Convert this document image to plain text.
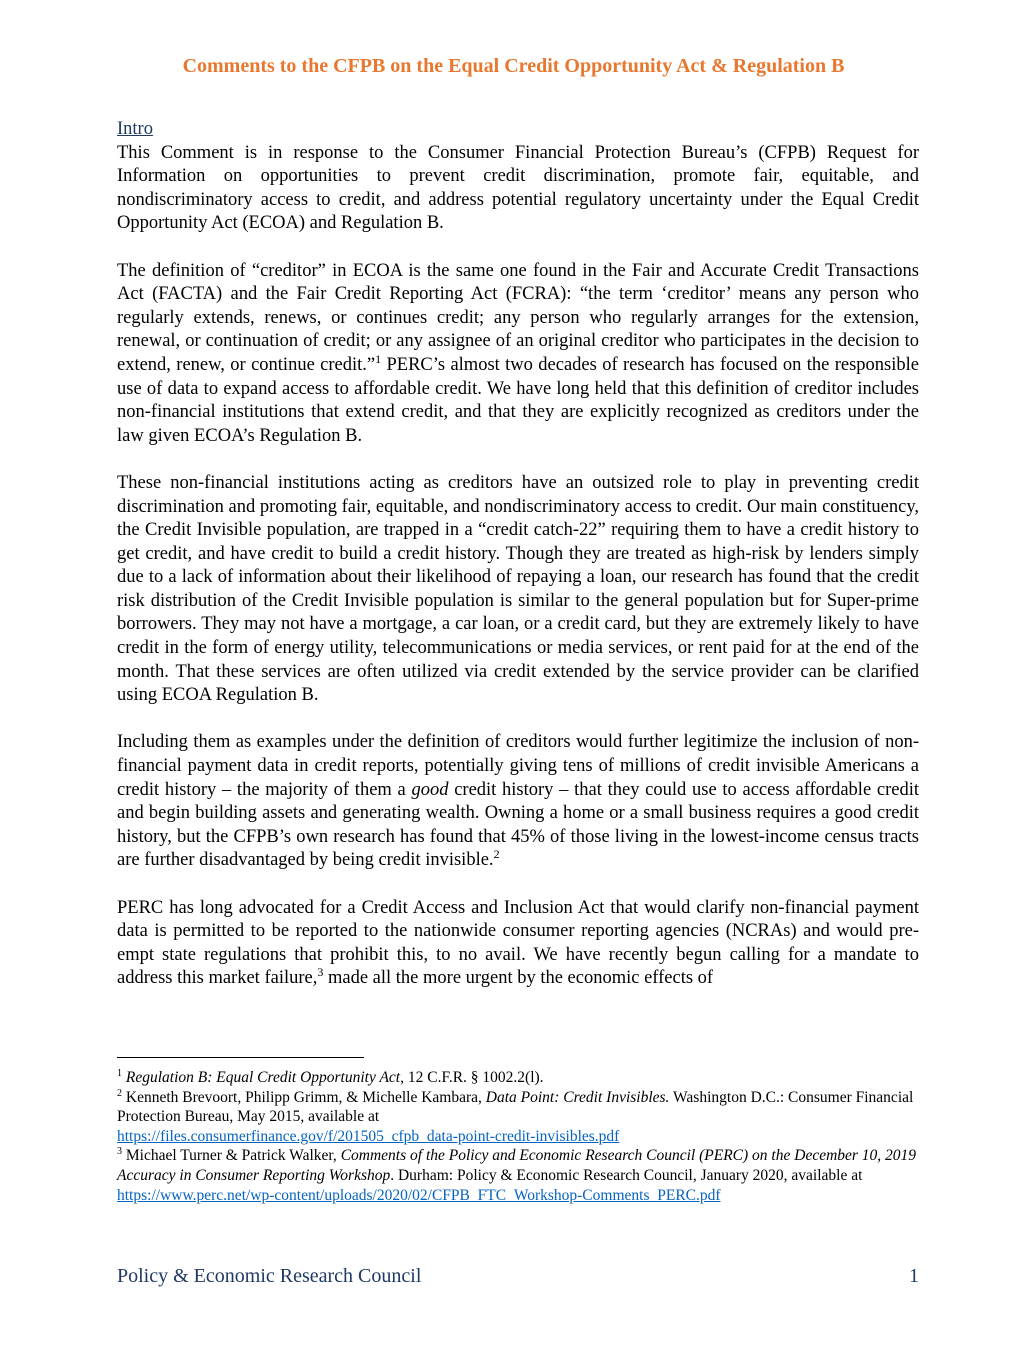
Comments to the CFPB on the Equal Credit Opportunity Act & Regulation B
Intro

This Comment is in response to the Consumer Financial Protection Bureau’s (CFPB) Request for Information on opportunities to prevent credit discrimination, promote fair, equitable, and nondiscriminatory access to credit, and address potential regulatory uncertainty under the Equal Credit Opportunity Act (ECOA) and Regulation B.

The definition of “creditor” in ECOA is the same one found in the Fair and Accurate Credit Transactions Act (FACTA) and the Fair Credit Reporting Act (FCRA): “the term ‘creditor’ means any person who regularly extends, renews, or continues credit; any person who regularly arranges for the extension, renewal, or continuation of credit; or any assignee of an original creditor who participates in the decision to extend, renew, or continue credit.”$^1$ PERC’s almost two decades of research has focused on the responsible use of data to expand access to affordable credit. We have long held that this definition of creditor includes non-financial institutions that extend credit, and that they are explicitly recognized as creditors under the law given ECOA’s Regulation B.

These non-financial institutions acting as creditors have an outsized role to play in preventing credit discrimination and promoting fair, equitable, and nondiscriminatory access to credit. Our main constituency, the Credit Invisible population, are trapped in a “credit catch-22” requiring them to have a credit history to get credit, and have credit to build a credit history. Though they are treated as high-risk by lenders simply due to a lack of information about their likelihood of repaying a loan, our research has found that the credit risk distribution of the Credit Invisible population is similar to the general population but for Super-prime borrowers. They may not have a mortgage, a car loan, or a credit card, but they are extremely likely to have credit in the form of energy utility, telecommunications or media services, or rent paid for at the end of the month. That these services are often utilized via credit extended by the service provider can be clarified using ECOA Regulation B.

Including them as examples under the definition of creditors would further legitimize the inclusion of non-financial payment data in credit reports, potentially giving tens of millions of credit invisible Americans a credit history – the majority of them a good credit history – that they could use to access affordable credit and begin building assets and generating wealth. Owning a home or a small business requires a good credit history, but the CFPB’s own research has found that 45% of those living in the lowest-income census tracts are further disadvantaged by being credit invisible.$^2$

PERC has long advocated for a Credit Access and Inclusion Act that would clarify non-financial payment data is permitted to be reported to the nationwide consumer reporting agencies (NCRAs) and would pre-empt state regulations that prohibit this, to no avail. We have recently begun calling for a mandate to address this market failure,$^3$ made all the more urgent by the economic effects of

$^1$ Regulation B: Equal Credit Opportunity Act, 12 C.F.R. § 1002.2(l).

$^2$ Kenneth Brevoort, Philipp Grimm, & Michelle Kambara, Data Point: Credit Invisibles. Washington D.C.: Consumer Financial Protection Bureau, May 2015, available at
https://files.consumerfinance.gov/f/201505_cfpb_data-point-credit-invisibles.pdf

$^3$ Michael Turner & Patrick Walker, Comments of the Policy and Economic Research Council (PERC) on the December 10, 2019 Accuracy in Consumer Reporting Workshop. Durham: Policy & Economic Research Council, January 2020, available at https://www.perc.net/wp-content/uploads/2020/02/CFPB_FTC_Workshop-Comments_PERC.pdf

Policy & Economic Research Council	1
